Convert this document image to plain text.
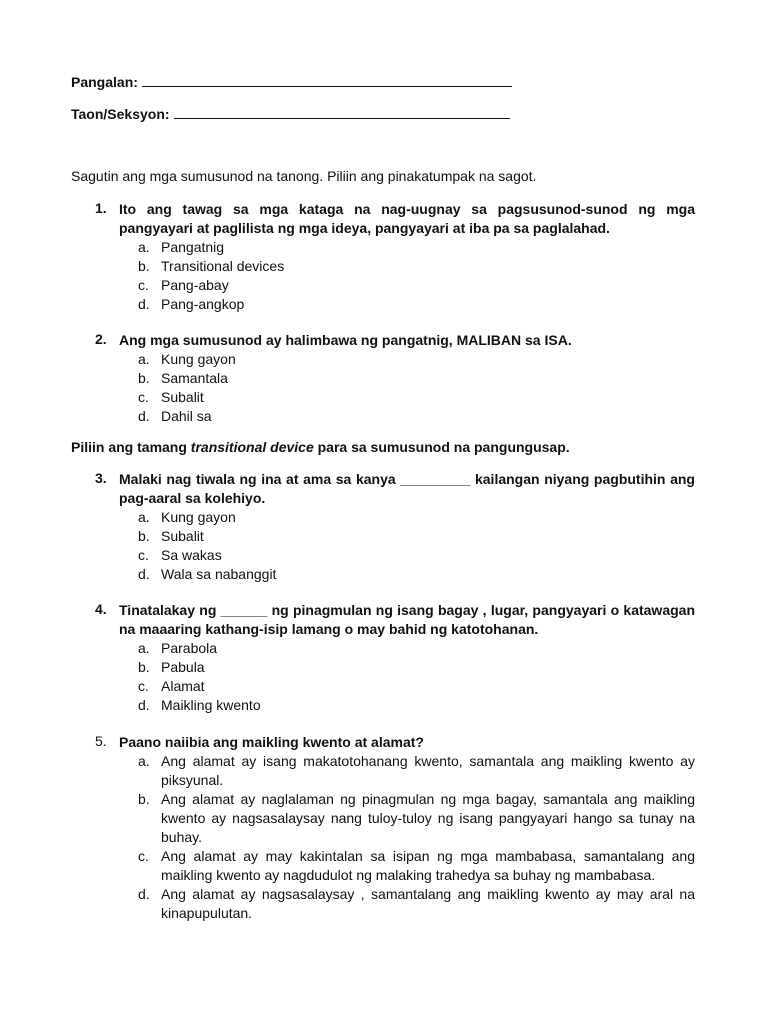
Pangalan:
Taon/Seksyon:
Sagutin ang mga sumusunod na tanong. Piliin ang pinakatumpak na sagot.
1. Ito ang tawag sa mga kataga na nag-uugnay sa pagsusunod-sunod ng mga pangyayari at paglilista ng mga ideya, pangyayari at iba pa sa paglalahad.
a. Pangatnig
b. Transitional devices
c. Pang-abay
d. Pang-angkop
2. Ang mga sumusunod ay halimbawa ng pangatnig, MALIBAN sa ISA.
a. Kung gayon
b. Samantala
c. Subalit
d. Dahil sa
Piliin ang tamang transitional device para sa sumusunod na pangungusap.
3. Malaki nag tiwala ng ina at ama sa kanya _________ kailangan niyang pagbutihin ang pag-aaral sa kolehiyo.
a. Kung gayon
b. Subalit
c. Sa wakas
d. Wala sa nabanggit
4. Tinatalakay ng ______ ng pinagmulan ng isang bagay , lugar, pangyayari o katawagan na maaaring kathang-isip lamang o may bahid ng katotohanan.
a. Parabola
b. Pabula
c. Alamat
d. Maikling kwento
5. Paano naiibia ang maikling kwento at alamat?
a. Ang alamat ay isang makatotohanang kwento, samantala ang maikling kwento ay piksyunal.
b. Ang alamat ay naglalaman ng pinagmulan ng mga bagay, samantala ang maikling kwento ay nagsasalaysay nang tuloy-tuloy ng isang pangyayari hango sa tunay na buhay.
c. Ang alamat ay may kakintalan sa isipan ng mga mambabasa, samantalang ang maikling kwento ay nagdudulot ng malaking trahedya sa buhay ng mambabasa.
d. Ang alamat ay nagsasalaysay , samantalang ang maikling kwento ay may aral na kinapupulutan.
